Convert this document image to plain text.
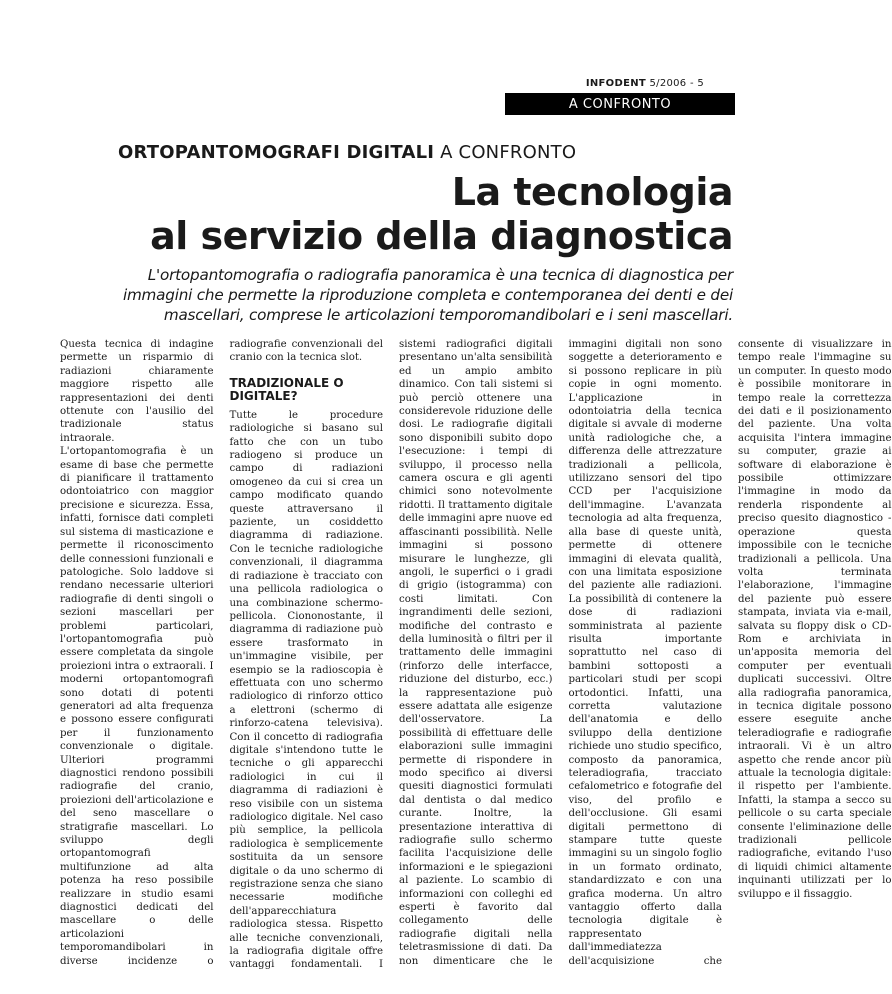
INFODENT 5/2006 - 5
A CONFRONTO
ORTOPANTOMOGRAFI DIGITALI A CONFRONTO
La tecnologia
al servizio della diagnostica
L'ortopantomografia o radiografia panoramica è una tecnica di diagnostica per immagini che permette la riproduzione completa e contemporanea dei denti e dei mascellari, comprese le articolazioni temporomandibolari e i seni mascellari.

Questa tecnica di indagine permette un risparmio di radiazioni chiaramente maggiore rispetto alle rappresentazioni dei denti ottenute con l'ausilio del tradizionale status intraorale. L'ortopantomografia è un esame di base che permette di pianificare il trattamento odontoiatrico con maggior precisione e sicurezza. Essa, infatti, fornisce dati completi sul sistema di masticazione e permette il riconoscimento delle connessioni funzionali e patologiche. Solo laddove si rendano necessarie ulteriori radiografie di denti singoli o sezioni mascellari per problemi particolari, l'ortopantomografia può essere completata da singole proiezioni intra o extraorali. I moderni ortopantomografi sono dotati di potenti generatori ad alta frequenza e possono essere configurati per il funzionamento convenzionale o digitale. Ulteriori programmi diagnostici rendono possibili radiografie del cranio, proiezioni dell'articolazione e del seno mascellare o stratigrafie mascellari. Lo sviluppo degli ortopantomografi multifunzione ad alta potenza ha reso possibile realizzare in studio esami diagnostici dedicati del mascellare o delle articolazioni temporomandibolari in diverse incidenze o radiografie convenzionali del cranio con la tecnica slot.

TRADIZIONALE O DIGITALE?

Tutte le procedure radiologiche si basano sul fatto che con un tubo radiogeno si produce un campo di radiazioni omogeneo da cui si crea un campo modificato quando queste attraversano il paziente, un cosiddetto diagramma di radiazione. Con le tecniche radiologiche convenzionali, il diagramma di radiazione è tracciato con una pellicola radiologica o una combinazione schermo-pellicola. Ciononostante, il diagramma di radiazione può essere trasformato in un'immagine visibile, per esempio se la radioscopia è effettuata con uno schermo radiologico di rinforzo ottico a elettroni (schermo di rinforzo-catena televisiva). Con il concetto di radiografia digitale s'intendono tutte le tecniche o gli apparecchi radiologici in cui il diagramma di radiazioni è reso visibile con un sistema radiologico digitale. Nel caso più semplice, la pellicola radiologica è semplicemente sostituita da un sensore digitale o da uno schermo di registrazione senza che siano necessarie modifiche dell'apparecchiatura radiologica stessa. Rispetto alle tecniche convenzionali, la radiografia digitale offre vantaggi fondamentali. I sistemi radiografici digitali presentano un'alta sensibilità ed un ampio ambito dinamico. Con tali sistemi si può perciò ottenere una considerevole riduzione delle dosi. Le radiografie digitali sono disponibili subito dopo l'esecuzione: i tempi di sviluppo, il processo nella camera oscura e gli agenti chimici sono notevolmente ridotti. Il trattamento digitale delle immagini apre nuove ed affascinanti possibilità. Nelle immagini si possono misurare le lunghezze, gli angoli, le superfici o i gradi di grigio (istogramma) con costi limitati. Con ingrandimenti delle sezioni, modifiche del contrasto e della luminosità o filtri per il trattamento delle immagini (rinforzo delle interfacce, riduzione del disturbo, ecc.) la rappresentazione può essere adattata alle esigenze dell'osservatore. La possibilità di effettuare delle elaborazioni sulle immagini permette di rispondere in modo specifico ai diversi quesiti diagnostici formulati dal dentista o dal medico curante. Inoltre, la presentazione interattiva di radiografie sullo schermo facilita l'acquisizione delle informazioni e le spiegazioni al paziente. Lo scambio di informazioni con colleghi ed esperti è favorito dal collegamento delle radiografie digitali nella teletrasmissione di dati. Da non dimenticare che le immagini digitali non sono soggette a deterioramento e si possono replicare in più copie in ogni momento. L'applicazione in odontoiatria della tecnica digitale si avvale di moderne unità radiologiche che, a differenza delle attrezzature tradizionali a pellicola, utilizzano sensori del tipo CCD per l'acquisizione dell'immagine. L'avanzata tecnologia ad alta frequenza, alla base di queste unità, permette di ottenere immagini di elevata qualità, con una limitata esposizione del paziente alle radiazioni. La possibilità di contenere la dose di radiazioni somministrata al paziente risulta importante soprattutto nel caso di bambini sottoposti a particolari studi per scopi ortodontici. Infatti, una corretta valutazione dell'anatomia e dello sviluppo della dentizione richiede uno studio specifico, composto da panoramica, teleradiografia, tracciato cefalometrico e fotografie del viso, del profilo e dell'occlusione. Gli esami digitali permettono di stampare tutte queste immagini su un singolo foglio in un formato ordinato, standardizzato e con una grafica moderna. Un altro vantaggio offerto dalla tecnologia digitale è rappresentato dall'immediatezza dell'acquisizione che consente di visualizzare in tempo reale l'immagine su un computer. In questo modo è possibile monitorare in tempo reale la correttezza dei dati e il posizionamento del paziente. Una volta acquisita l'intera immagine su computer, grazie ai software di elaborazione è possibile ottimizzare l'immagine in modo da renderla rispondente al preciso quesito diagnostico - operazione questa impossibile con le tecniche tradizionali a pellicola. Una volta terminata l'elaborazione, l'immagine del paziente può essere stampata, inviata via e-mail, salvata su floppy disk o CD-Rom e archiviata in un'apposita memoria del computer per eventuali duplicati successivi. Oltre alla radiografia panoramica, in tecnica digitale possono essere eseguite anche teleradiografie e radiografie intraorali. Vi è un altro aspetto che rende ancor più attuale la tecnologia digitale: il rispetto per l'ambiente. Infatti, la stampa a secco su pellicole o su carta speciale consente l'eliminazione delle tradizionali pellicole radiografiche, evitando l'uso di liquidi chimici altamente inquinanti utilizzati per lo sviluppo e il fissaggio.
